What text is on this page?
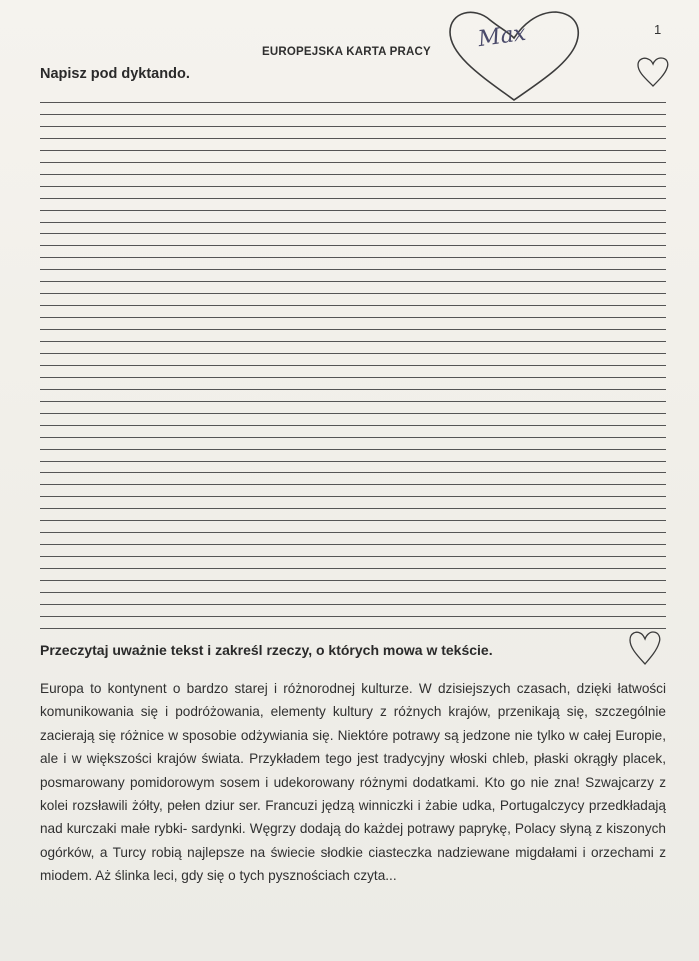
1
EUROPEJSKA KARTA PRACY Max
Napisz pod dyktando.
Przeczytaj uważnie tekst i zakreśl rzeczy, o których mowa w tekście.
Europa to kontynent o bardzo starej i różnorodnej kulturze. W dzisiejszych czasach, dzięki łatwości komunikowania się i podróżowania, elementy kultury z różnych krajów, przenikają się, szczególnie zacierają się różnice w sposobie odżywiania się. Niektóre potrawy są jedzone nie tylko w całej Europie, ale i w większości krajów świata. Przykładem tego jest tradycyjny włoski chleb, płaski okrągły placek, posmarowany pomidorowym sosem i udekorowany różnymi dodatkami. Kto go nie zna! Szwajcarzy z kolei rozsławili żółty, pełen dziur ser. Francuzi jędzą winniczki i żabie udka, Portugalczycy przedkładają nad kurczaki małe rybki- sardynki. Węgrzy dodają do każdej potrawy paprykę, Polacy słyną z kiszonych ogórków, a Turcy robią najlepsze na świecie słodkie ciasteczka nadziewane migdałami i orzechami z miodem. Aż ślinka leci, gdy się o tych pysznościach czyta...
